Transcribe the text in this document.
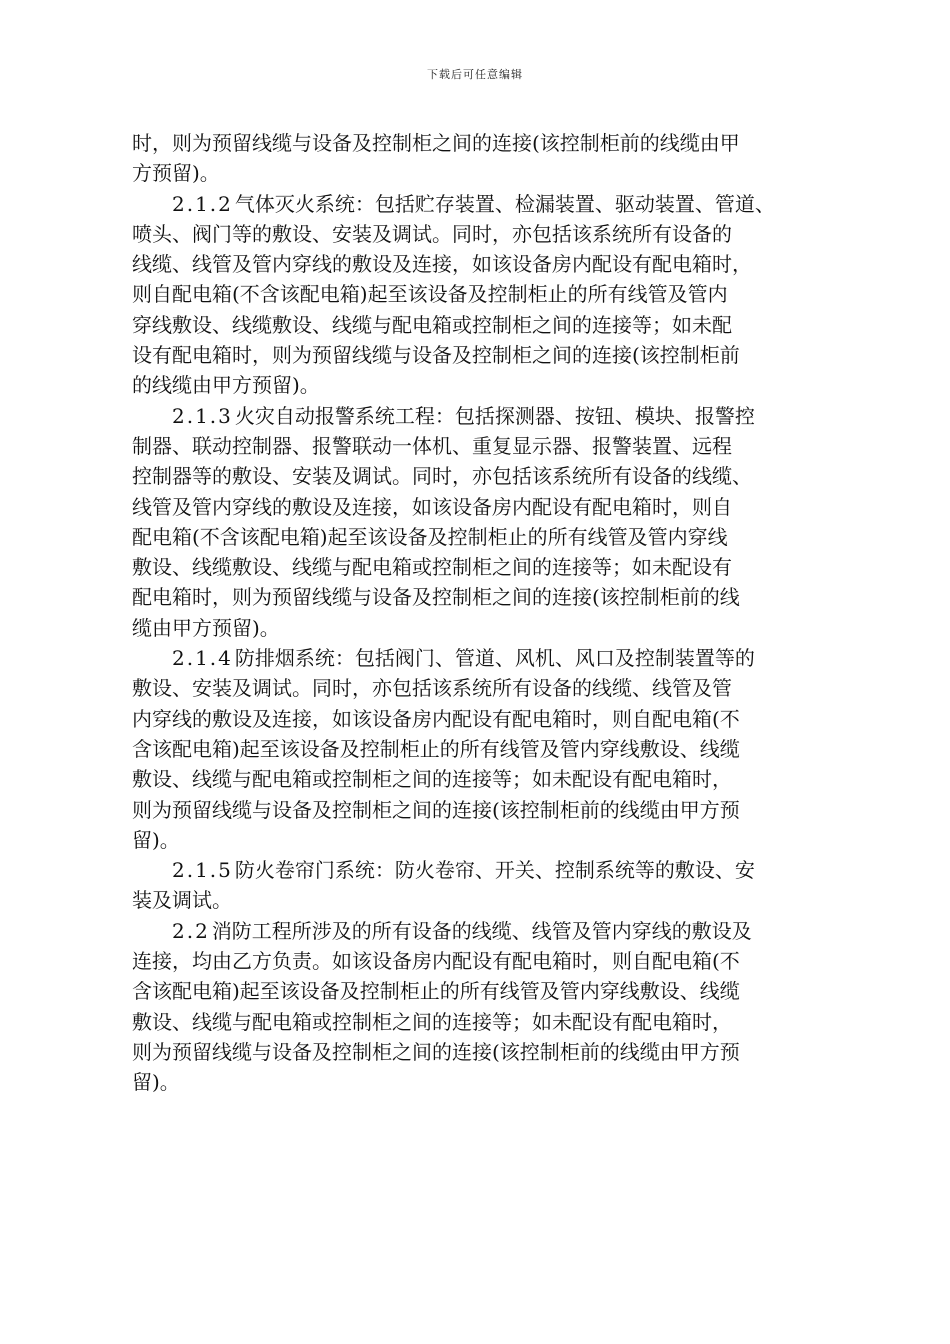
下载后可任意编辑
时，则为预留线缆与设备及控制柜之间的连接(该控制柜前的线缆由甲
方预留)。
2.1.2 气体灭火系统：包括贮存装置、检漏装置、驱动装置、管道、
喷头、阀门等的敷设、安装及调试。同时，亦包括该系统所有设备的
线缆、线管及管内穿线的敷设及连接，如该设备房内配设有配电箱时，
则自配电箱(不含该配电箱)起至该设备及控制柜止的所有线管及管内
穿线敷设、线缆敷设、线缆与配电箱或控制柜之间的连接等；如未配
设有配电箱时，则为预留线缆与设备及控制柜之间的连接(该控制柜前
的线缆由甲方预留)。
2.1.3 火灾自动报警系统工程：包括探测器、按钮、模块、报警控
制器、联动控制器、报警联动一体机、重复显示器、报警装置、远程
控制器等的敷设、安装及调试。同时，亦包括该系统所有设备的线缆、
线管及管内穿线的敷设及连接，如该设备房内配设有配电箱时，则自
配电箱(不含该配电箱)起至该设备及控制柜止的所有线管及管内穿线
敷设、线缆敷设、线缆与配电箱或控制柜之间的连接等；如未配设有
配电箱时，则为预留线缆与设备及控制柜之间的连接(该控制柜前的线
缆由甲方预留)。
2.1.4 防排烟系统：包括阀门、管道、风机、风口及控制装置等的
敷设、安装及调试。同时，亦包括该系统所有设备的线缆、线管及管
内穿线的敷设及连接，如该设备房内配设有配电箱时，则自配电箱(不
含该配电箱)起至该设备及控制柜止的所有线管及管内穿线敷设、线缆
敷设、线缆与配电箱或控制柜之间的连接等；如未配设有配电箱时，
则为预留线缆与设备及控制柜之间的连接(该控制柜前的线缆由甲方预
留)。
2.1.5 防火卷帘门系统：防火卷帘、开关、控制系统等的敷设、安
装及调试。
2.2 消防工程所涉及的所有设备的线缆、线管及管内穿线的敷设及
连接，均由乙方负责。如该设备房内配设有配电箱时，则自配电箱(不
含该配电箱)起至该设备及控制柜止的所有线管及管内穿线敷设、线缆
敷设、线缆与配电箱或控制柜之间的连接等；如未配设有配电箱时，
则为预留线缆与设备及控制柜之间的连接(该控制柜前的线缆由甲方预
留)。
